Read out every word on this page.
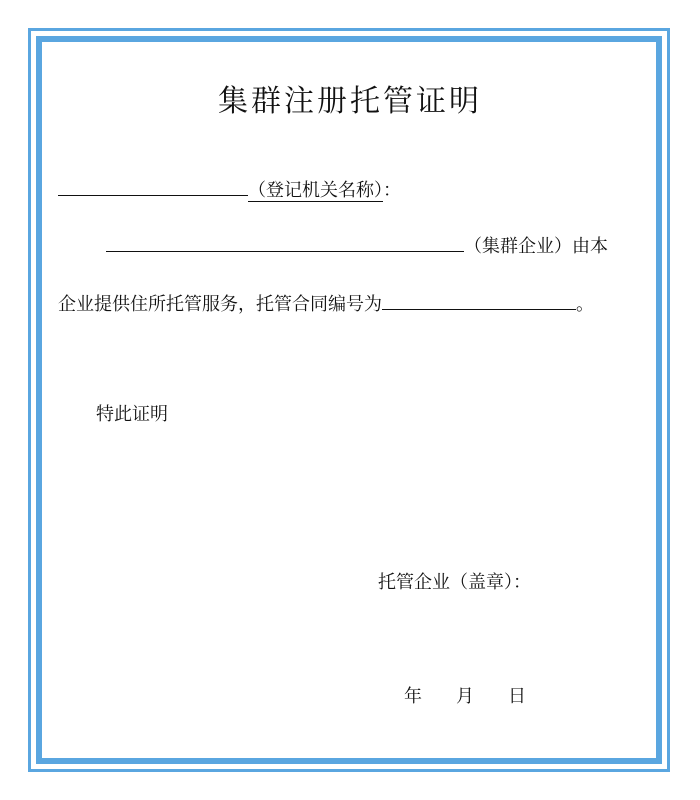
集群注册托管证明
（登记机关名称）：
（集群企业）由本
企业提供住所托管服务，托管合同编号为	。
特此证明
托管企业（盖章）：
年 月 日
